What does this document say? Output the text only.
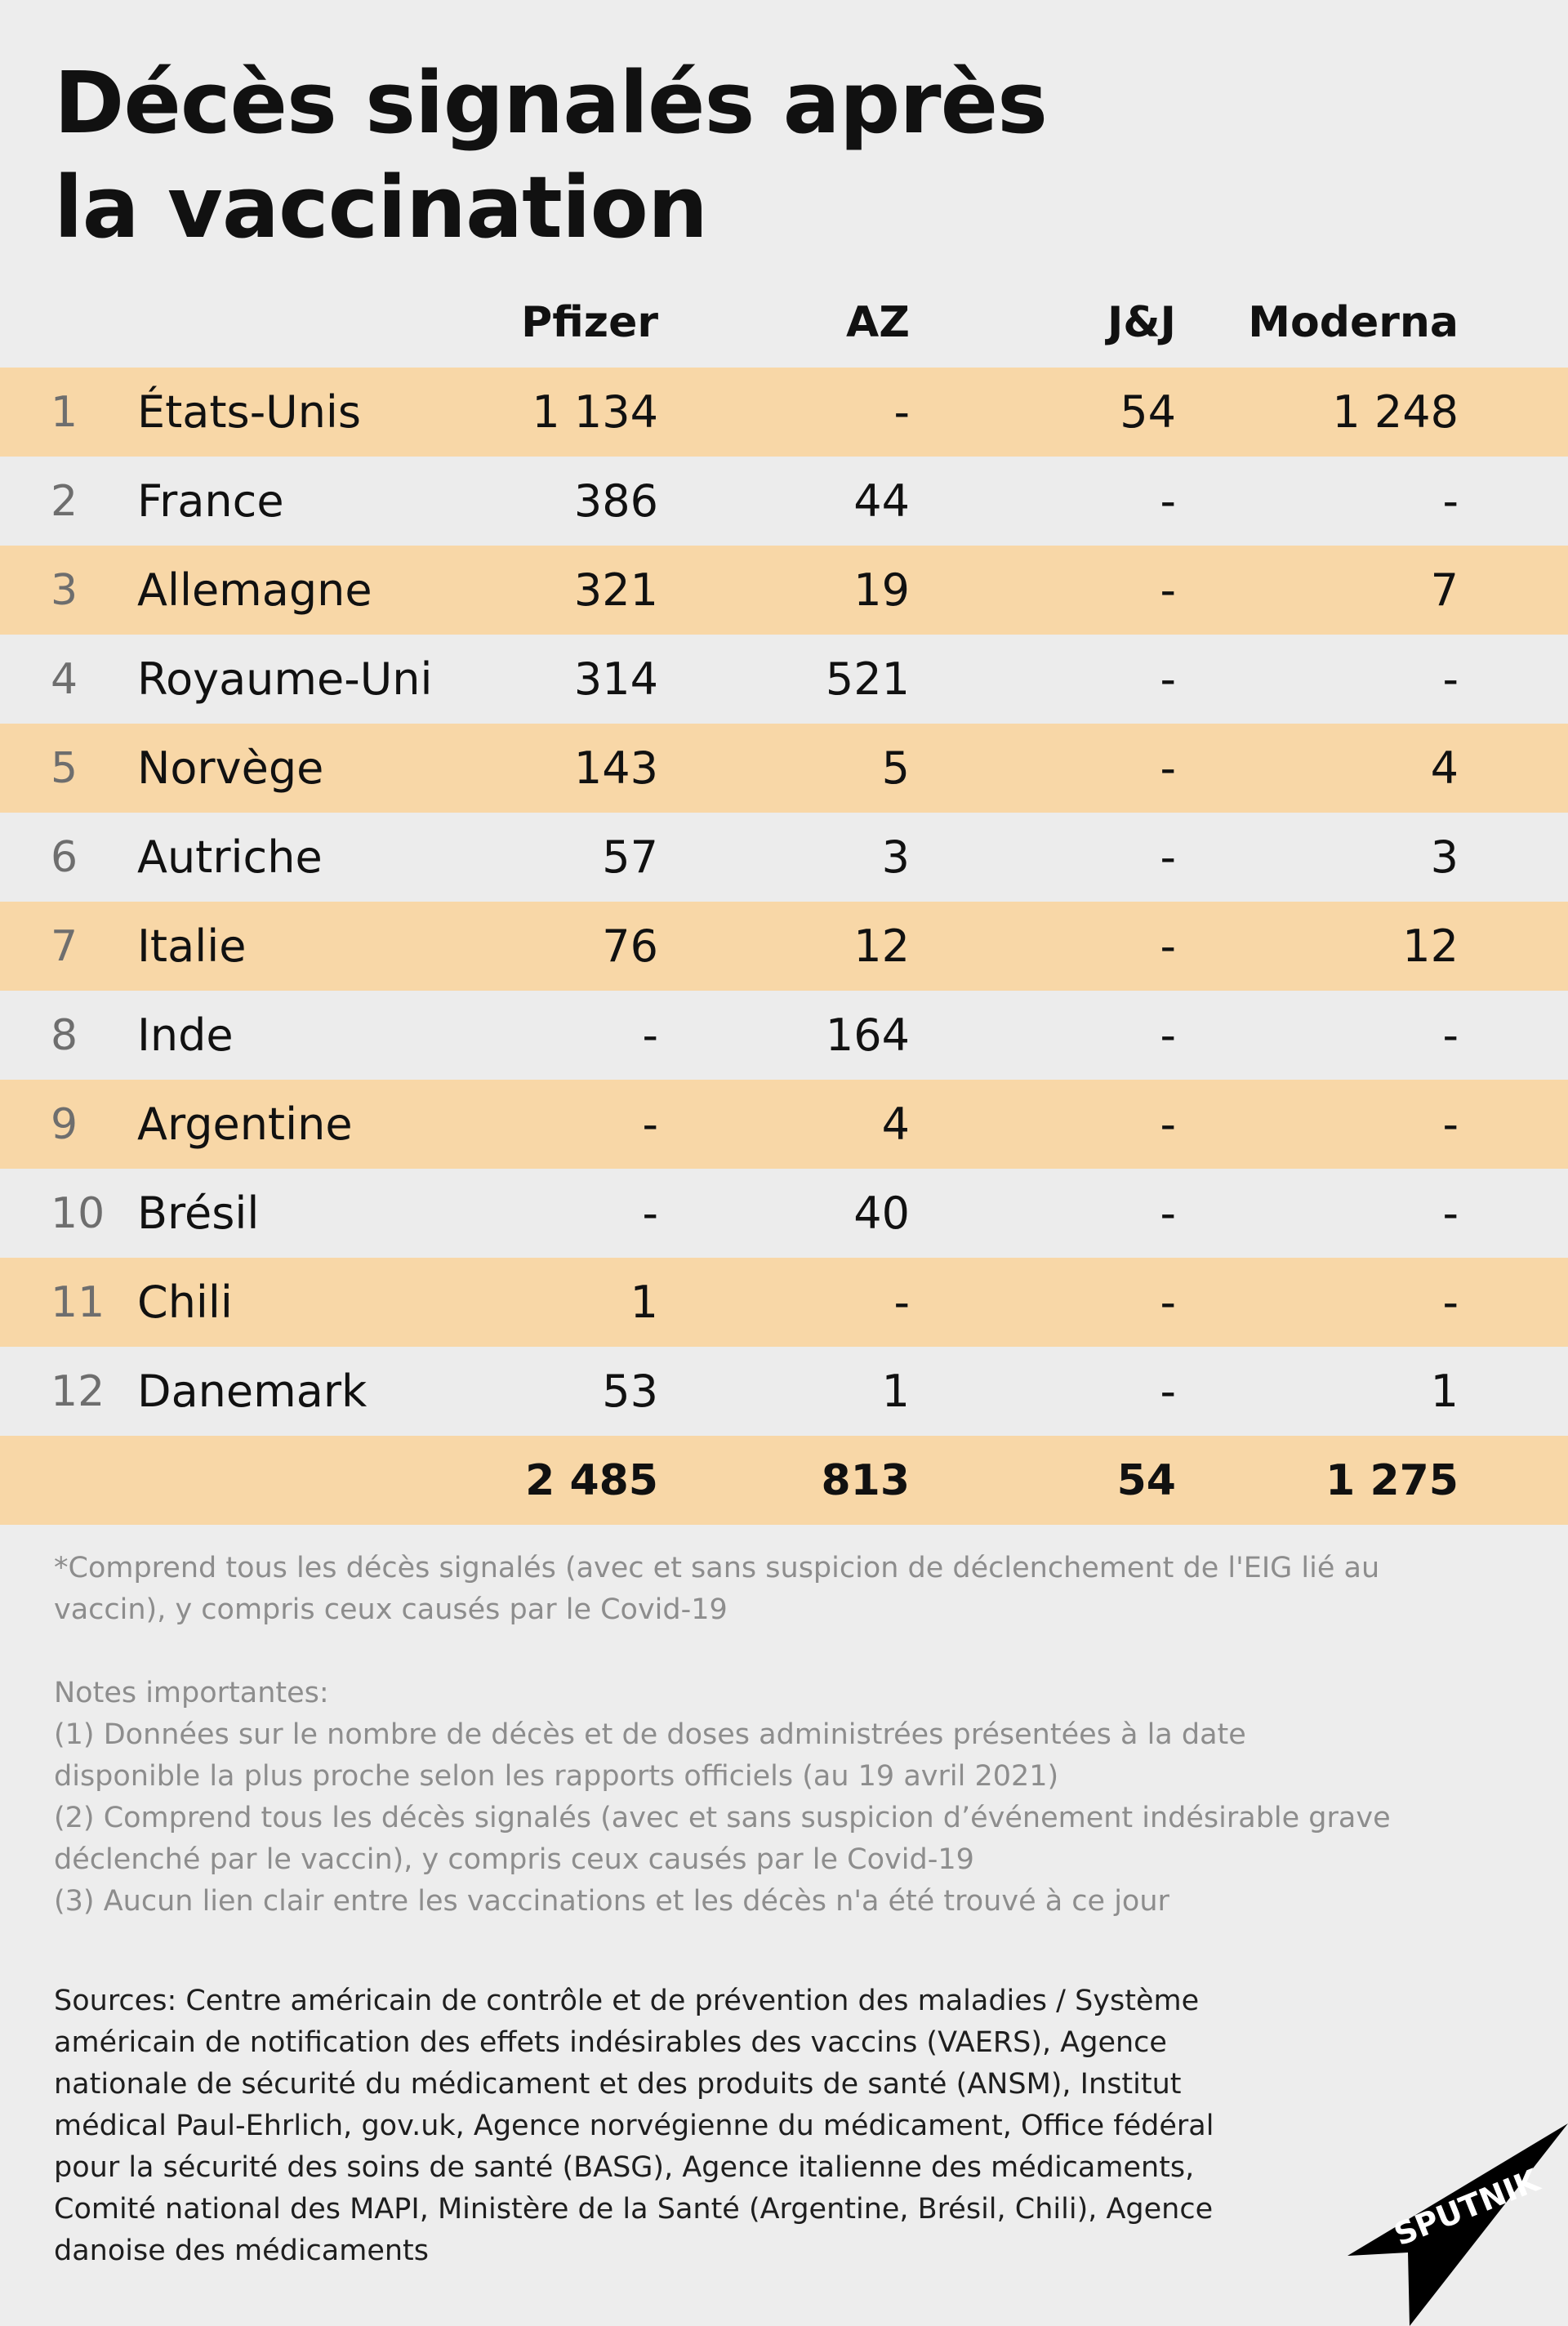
Décès signalés après
la vaccination
Pfizer	AZ	J&J	Moderna
1	États-Unis	1 134	-	54	1 248
2	France	386	44	-	-
3	Allemagne	321	19	-	7
4	Royaume-Uni	314	521	-	-
5	Norvège	143	5	-	4
6	Autriche	57	3	-	3
7	Italie	76	12	-	12
8	Inde	-	164	-	-
9	Argentine	-	4	-	-
10 Brésil	-	40	-	-
11 Chili	1	-	-	-
12 Danemark	53	1	-	1
2 485	813	54	1 275

*Comprend tous les décès signalés (avec et sans suspicion de déclenchement de l'EIG lié au vaccin), y compris ceux causés par le Covid-19

Notes importantes:

(1) Données sur le nombre de décès et de doses administrées présentées à la date disponible la plus proche selon les rapports officiels (au 19 avril 2021)

(2) Comprend tous les décès signalés (avec et sans suspicion d’événement indésirable grave déclenché par le vaccin), y compris ceux causés par le Covid-19

(3) Aucun lien clair entre les vaccinations et les décès n'a été trouvé à ce jour

Sources: Centre américain de contrôle et de prévention des maladies / Système américain de notification des effets indésirables des vaccins (VAERS), Agence nationale de sécurité du médicament et des produits de santé (ANSM), Institut médical Paul-Ehrlich, gov.uk, Agence norvégienne du médicament, Office fédéral pour la sécurité des soins de santé (BASG), Agence italienne des médicaments, Comité national des MAPI, Ministère de la Santé (Argentine, Brésil, Chili), Agence danoise des médicaments	SPUTNIK
